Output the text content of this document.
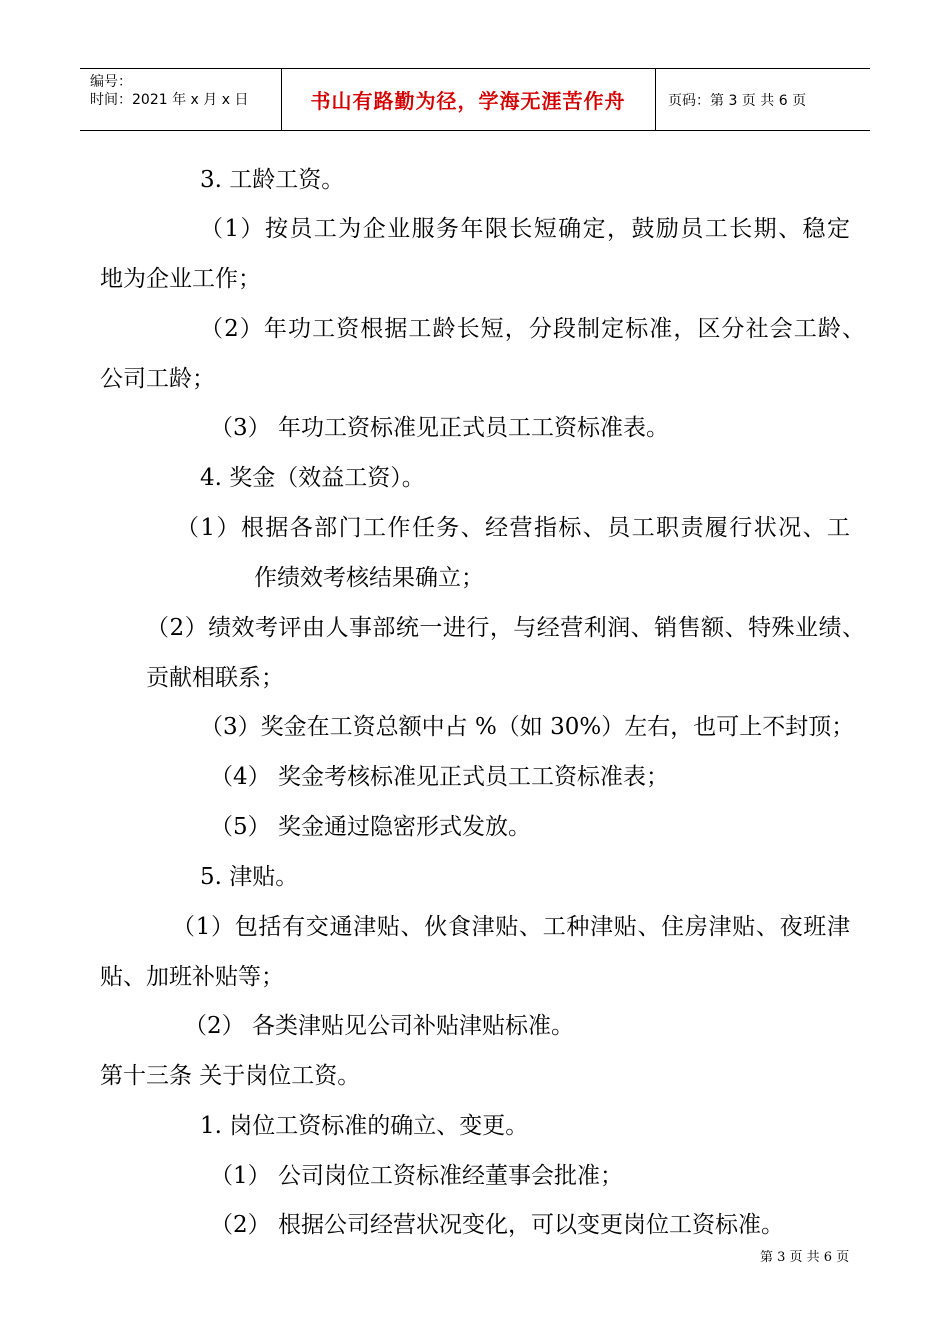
编号：
时间：2021 年 x 月 x 日	书山有路勤为径，学海无涯苦作舟	页码：第 3 页 共 6 页
3. 工龄工资。
（1）按员工为企业服务年限长短确定，鼓励员工长期、稳定
地为企业工作；
（2）年功工资根据工龄长短，分段制定标准，区分社会工龄、
公司工龄；
（3） 年功工资标准见正式员工工资标准表。
4. 奖金（效益工资）。
（1）根据各部门工作任务、经营指标、员工职责履行状况、工
作绩效考核结果确立；
（2）绩效考评由人事部统一进行，与经营利润、销售额、特殊业绩、
贡献相联系；
（3）奖金在工资总额中占 %（如 30%）左右，也可上不封顶；
（4） 奖金考核标准见正式员工工资标准表；
（5） 奖金通过隐密形式发放。
5. 津贴。
（1）包括有交通津贴、伙食津贴、工种津贴、住房津贴、夜班津
贴、加班补贴等；
（2） 各类津贴见公司补贴津贴标准。
第十三条 关于岗位工资。
1. 岗位工资标准的确立、变更。
（1） 公司岗位工资标准经董事会批准；
（2） 根据公司经营状况变化，可以变更岗位工资标准。
第 3 页 共 6 页
